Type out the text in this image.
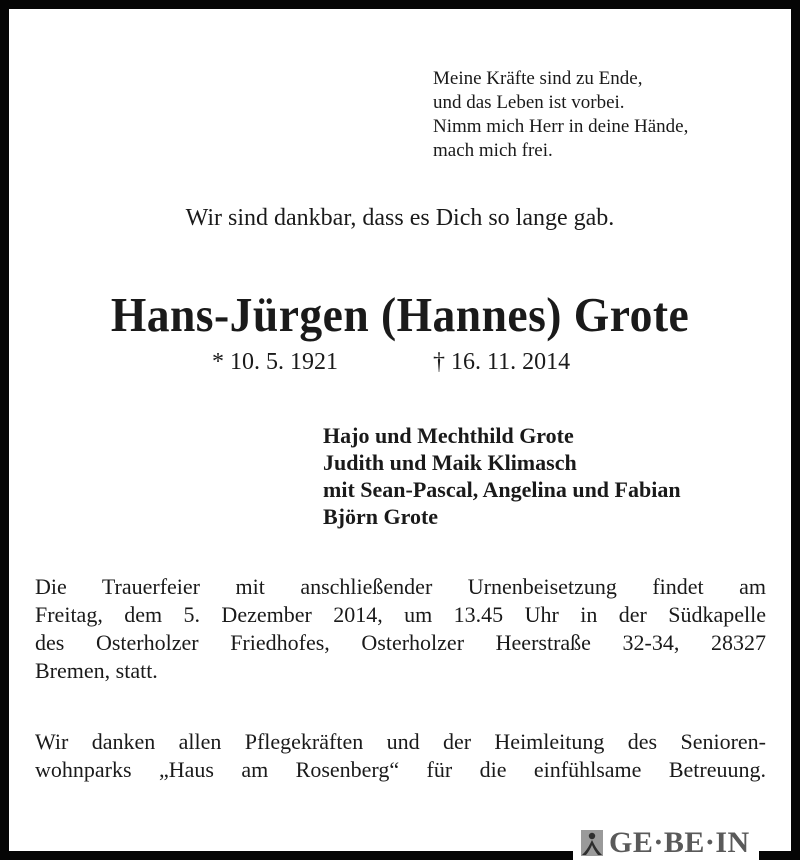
Meine Kräfte sind zu Ende,
und das Leben ist vorbei.
Nimm mich Herr in deine Hände,
mach mich frei.
Wir sind dankbar, dass es Dich so lange gab.
Hans-Jürgen (Hannes) Grote
* 10. 5. 1921	† 16. 11. 2014
Hajo und Mechthild Grote
Judith und Maik Klimasch
mit Sean-Pascal, Angelina und Fabian
Björn Grote
Die Trauerfeier mit anschließender Urnenbeisetzung findet am
Freitag, dem 5. Dezember 2014, um 13.45 Uhr in der Südkapelle
des Osterholzer Friedhofes, Osterholzer Heerstraße 32-34, 28327
Bremen, statt.
Wir danken allen Pflegekräften und der Heimleitung des Senioren-
wohnparks „Haus am Rosenberg“ für die einfühlsame Betreuung.
GE·BE·IN
